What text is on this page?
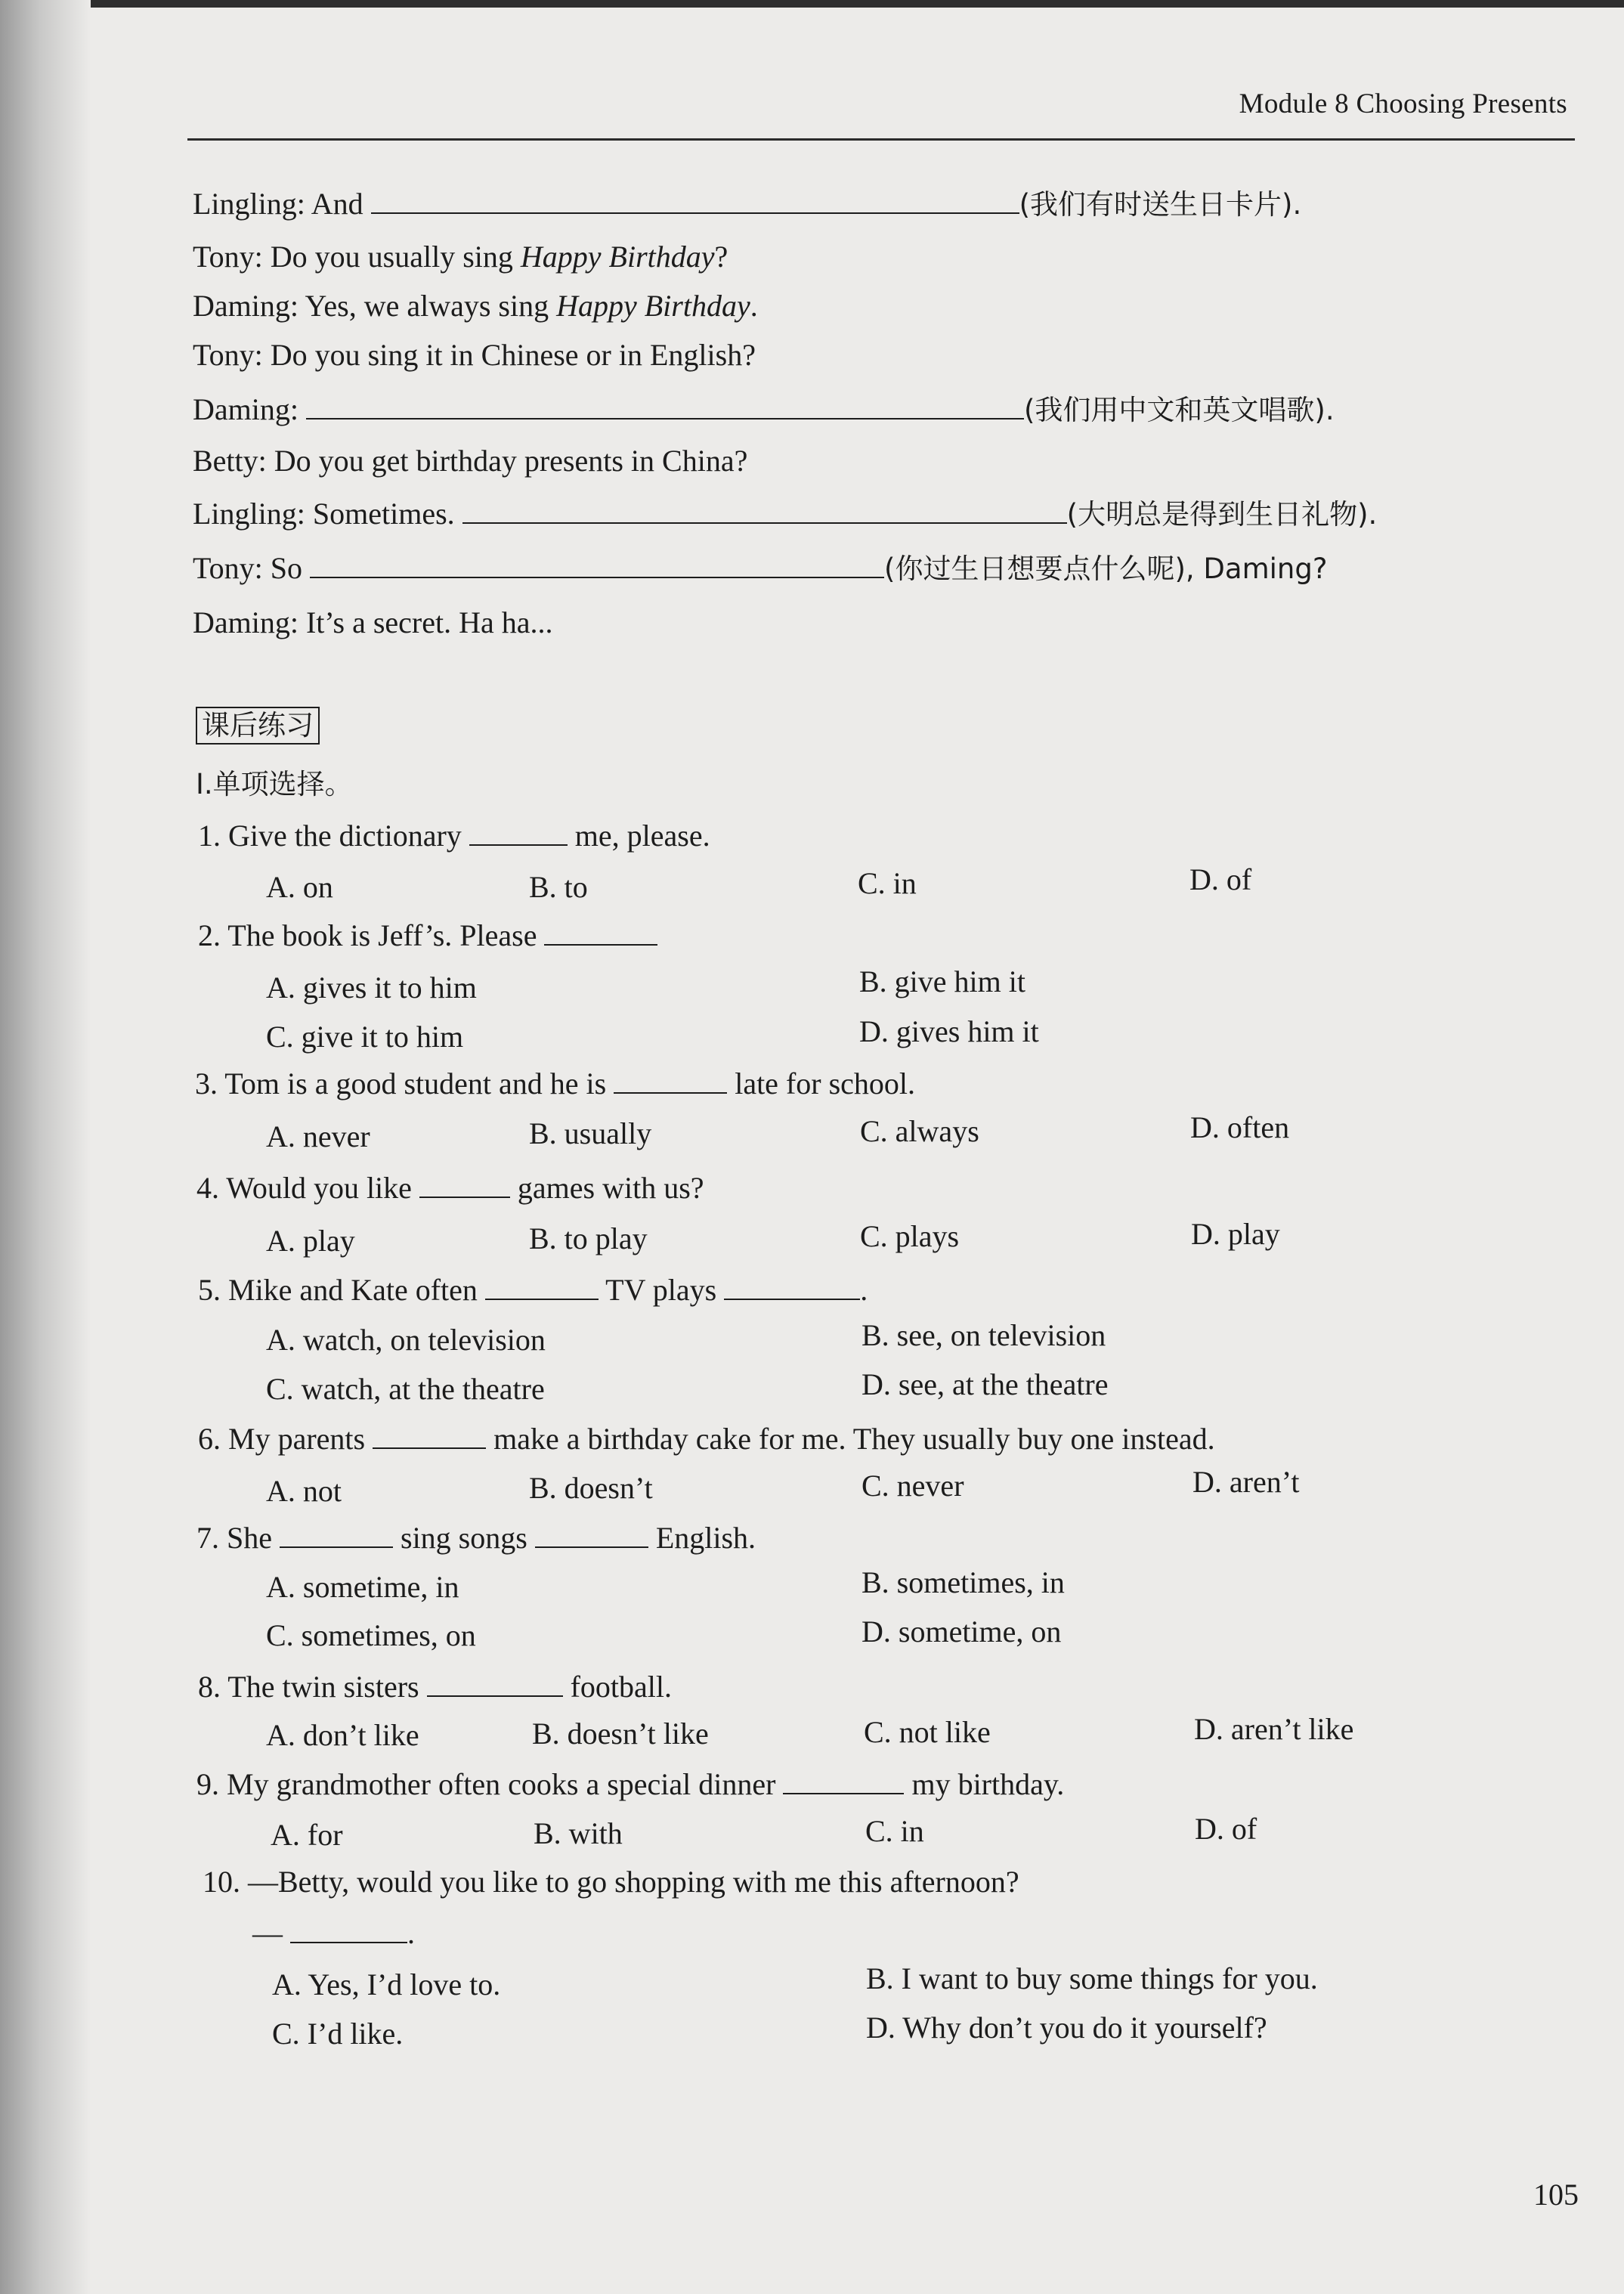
Module 8 Choosing Presents
Lingling: And	(我们有时送生日卡片).
Tony: Do you usually sing Happy Birthday?
Daming: Yes, we always sing Happy Birthday.
Tony: Do you sing it in Chinese or in English?
Daming:	(我们用中文和英文唱歌).
Betty: Do you get birthday presents in China?
Lingling: Sometimes.	(大明总是得到生日礼物).
Tony: So	(你过生日想要点什么呢), Daming?
Daming: It’s a secret. Ha ha...
课后练习
I.单项选择。
1. Give the dictionary	me, please.
A. on	B. to	C. in	D. of
2. The book is Jeff’s. Please
A. gives it to him	B. give him it
C. give it to him	D. gives him it
3. Tom is a good student and he is	late for school.
A. never	B. usually	C. always	D. often
4. Would you like	games with us?
A. play	B. to play	C. plays	D. play
5. Mike and Kate often	TV plays	.
A. watch, on television	B. see, on television
C. watch, at the theatre	D. see, at the theatre
6. My parents	make a birthday cake for me. They usually buy one instead.
A. not	B. doesn’t	C. never	D. aren’t
7. She	sing songs	English.
A. sometime, in	B. sometimes, in
C. sometimes, on	D. sometime, on
8. The twin sisters	football.
A. don’t like	B. doesn’t like	C. not like	D. aren’t like
9. My grandmother often cooks a special dinner	my birthday.
A. for	B. with	C. in	D. of
10. —Betty, would you like to go shopping with me this afternoon?
—	.
A. Yes, I’d love to.	B. I want to buy some things for you.
C. I’d like.	D. Why don’t you do it yourself?
105
